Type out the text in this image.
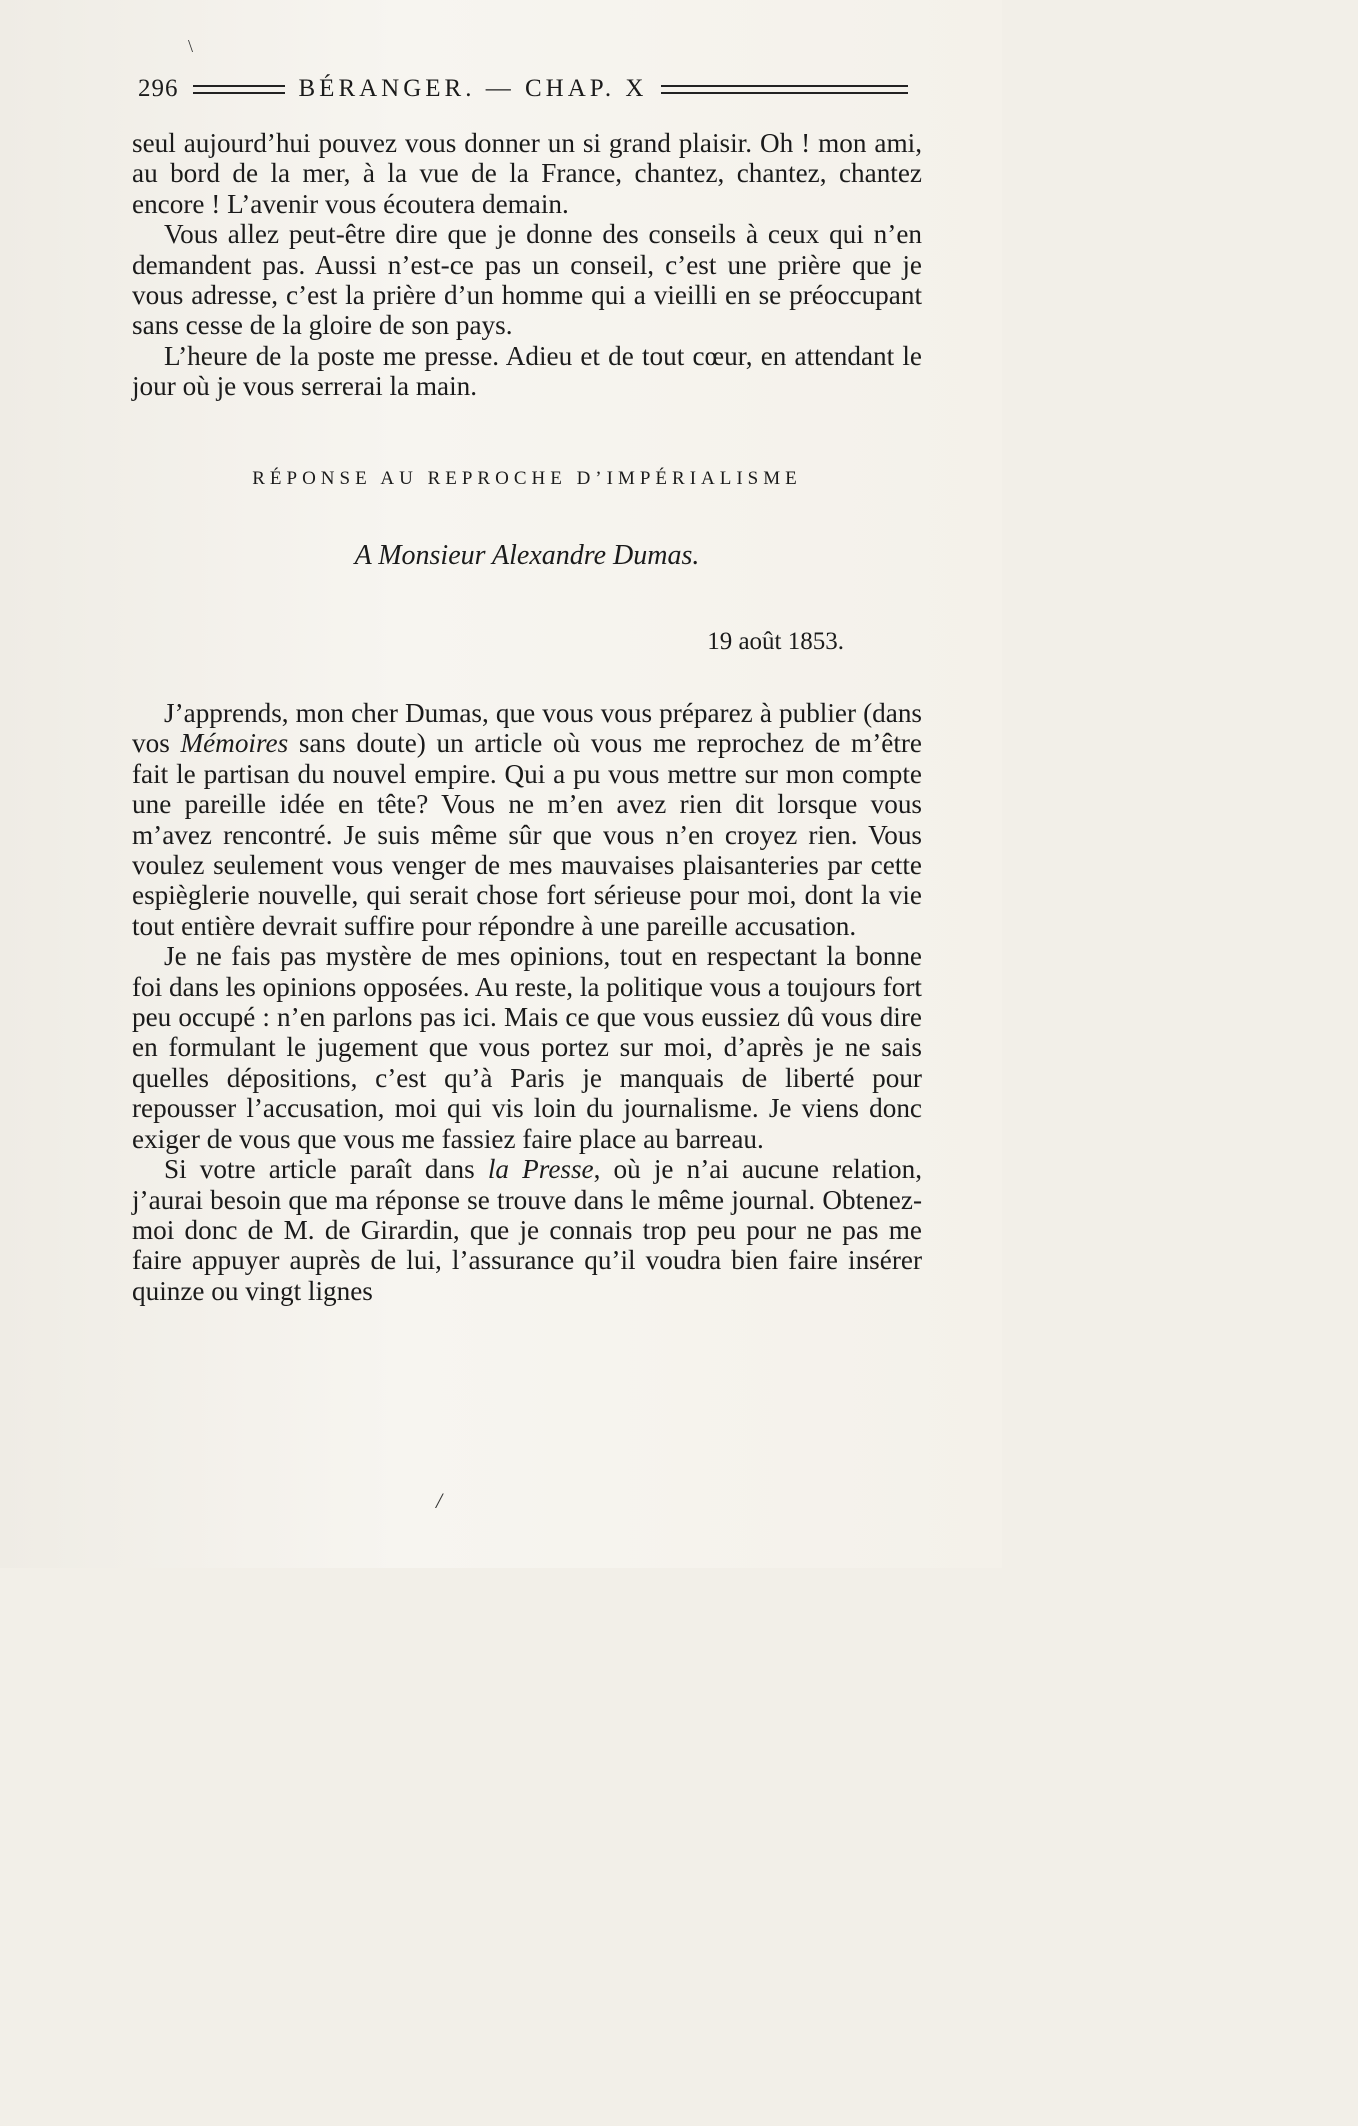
\
296	BÉRANGER. — CHAP. X

seul aujourd’hui pouvez vous donner un si grand plaisir. Oh ! mon ami, au bord de la mer, à la vue de la France, chantez, chantez, chantez encore ! L’avenir vous écoutera demain.

Vous allez peut-être dire que je donne des conseils à ceux qui n’en demandent pas. Aussi n’est-ce pas un conseil, c’est une prière que je vous adresse, c’est la prière d’un homme qui a vieilli en se préoccupant sans cesse de la gloire de son pays.

L’heure de la poste me presse. Adieu et de tout cœur, en attendant le jour où je vous serrerai la main.

RÉPONSE AU REPROCHE D’IMPÉRIALISME
A Monsieur Alexandre Dumas.
19 août 1853.

J’apprends, mon cher Dumas, que vous vous préparez à publier (dans vos Mémoires sans doute) un article où vous me reprochez de m’être fait le partisan du nouvel empire. Qui a pu vous mettre sur mon compte une pareille idée en tête? Vous ne m’en avez rien dit lorsque vous m’avez rencontré. Je suis même sûr que vous n’en croyez rien. Vous voulez seulement vous venger de mes mauvaises plaisanteries par cette espièglerie nouvelle, qui serait chose fort sérieuse pour moi, dont la vie tout entière devrait suffire pour répondre à une pareille accusation.

Je ne fais pas mystère de mes opinions, tout en respectant la bonne foi dans les opinions opposées. Au reste, la politique vous a toujours fort peu occupé : n’en parlons pas ici. Mais ce que vous eussiez dû vous dire en formulant le jugement que vous portez sur moi, d’après je ne sais quelles dépositions, c’est qu’à Paris je manquais de liberté pour repousser l’accusation, moi qui vis loin du journalisme. Je viens donc exiger de vous que vous me fassiez faire place au barreau.

Si votre article paraît dans la Presse, où je n’ai aucune relation, j’aurai besoin que ma réponse se trouve dans le même journal. Obtenez-moi donc de M. de Girardin, que je connais trop peu pour ne pas me faire appuyer auprès de lui, l’assurance qu’il voudra bien faire insérer quinze ou vingt lignes

/
